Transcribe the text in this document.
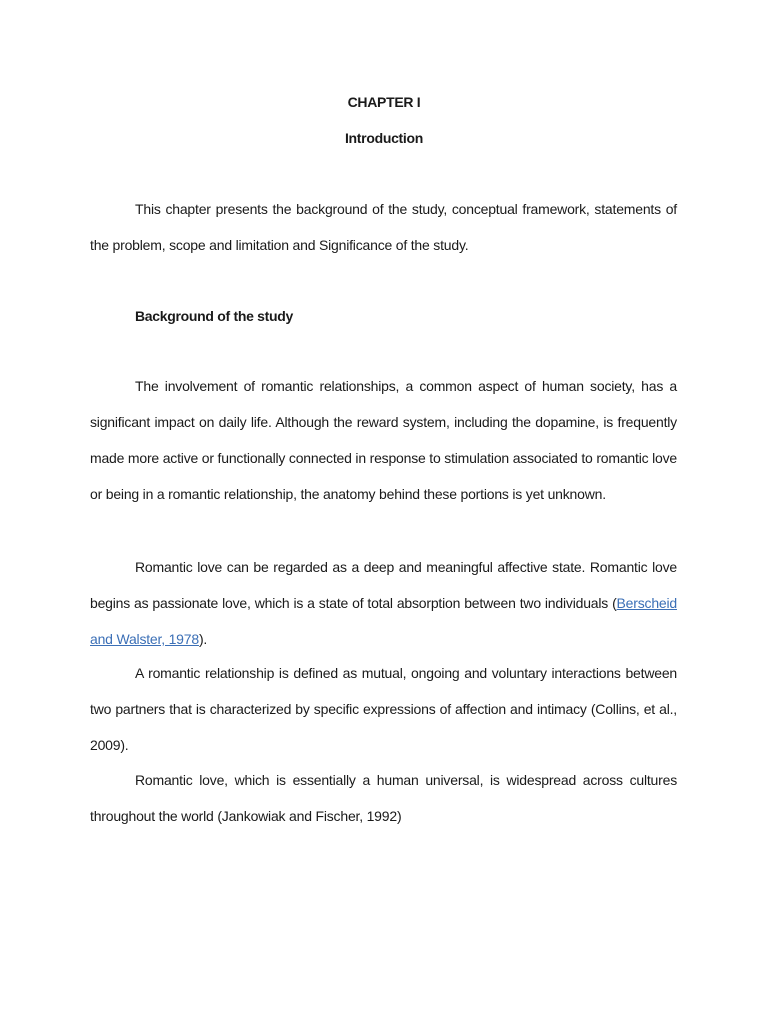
CHAPTER I
Introduction

This chapter presents the background of the study, conceptual framework, statements of the problem, scope and limitation and Significance of the study.

Background of the study

The involvement of romantic relationships, a common aspect of human society, has a significant impact on daily life. Although the reward system, including the dopamine, is frequently made more active or functionally connected in response to stimulation associated to romantic love or being in a romantic relationship, the anatomy behind these portions is yet unknown.

Romantic love can be regarded as a deep and meaningful affective state. Romantic love begins as passionate love, which is a state of total absorption between two individuals (Berscheid and Walster, 1978).

A romantic relationship is defined as mutual, ongoing and voluntary interactions between two partners that is characterized by specific expressions of affection and intimacy (Collins, et al., 2009).

Romantic love, which is essentially a human universal, is widespread across cultures throughout the world (Jankowiak and Fischer, 1992)
